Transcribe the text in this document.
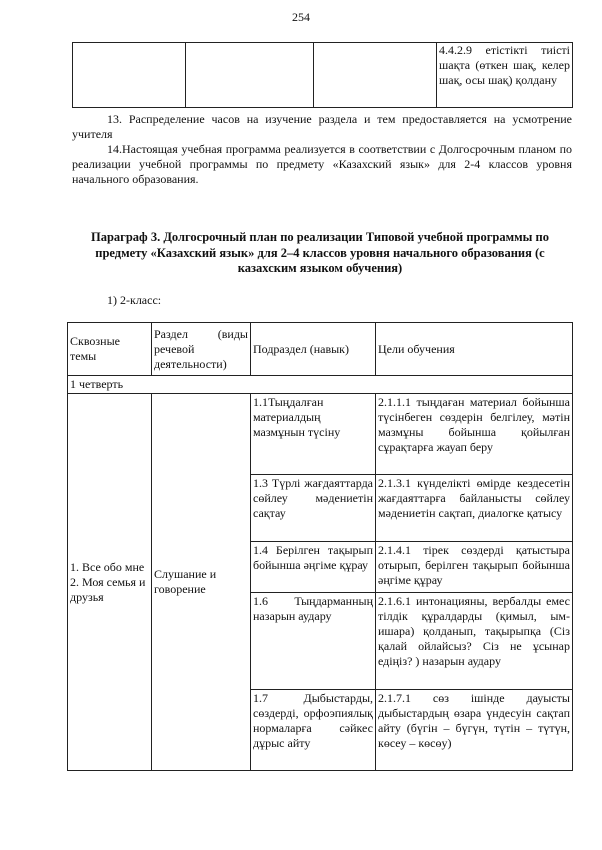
254
			4.4.2.9 етістікті тиісті шақта (өткен шақ, келер шақ, осы шақ) қолдану
13. Распределение часов на изучение раздела и тем предоставляется на усмотрение учителя
14.Настоящая учебная программа реализуется в соответствии с Долгосрочным планом по реализации учебной программы по предмету «Казахский язык» для 2-4 классов уровня начального образования.
Параграф 3. Долгосрочный план по реализации Типовой учебной программы по предмету «Казахский язык» для 2–4 классов уровня начального образования (с казахским языком обучения)
1) 2-класс:
Сквозные темы	Раздел (виды речевой деятельности)	Подраздел (навык)	Цели обучения
1 четверть			
1. Все обо мне
2. Моя семья и друзья	Слушание и говорение	1.1Тыңдалған материалдың мазмұнын түсіну	2.1.1.1 тыңдаған материал бойынша түсінбеген сөздерін белгілеу, мәтін мазмұны бойынша қойылған сұрақтарға жауап беру
		1.3 Түрлі жағдаяттарда сөйлеу мәдениетін сақтау	2.1.3.1 күнделікті өмірде кездесетін жағдаяттарға байланысты сөйлеу мәдениетін сақтап, диалогке қатысу
		1.4 Берілген тақырып бойынша әңгіме құрау	2.1.4.1 тірек сөздерді қатыстыра отырып, берілген тақырып бойынша әңгіме құрау
		1.6 Тыңдарманның назарын аудару	2.1.6.1 интонацияны, вербалды емес тілдік құралдарды (қимыл, ым-ишара) қолданып, тақырыпқа (Сіз қалай ойлайсыз? Сіз не ұсынар едіңіз? ) назарын аудару
		1.7 Дыбыстарды, сөздерді, орфоэпиялық нормаларға сәйкес дұрыс айту	2.1.7.1 сөз ішінде дауысты дыбыстардың өзара үндесуін сақтап айту (бүгін – бүгүн, түтін – түтүн, көсеу – көсөу)
